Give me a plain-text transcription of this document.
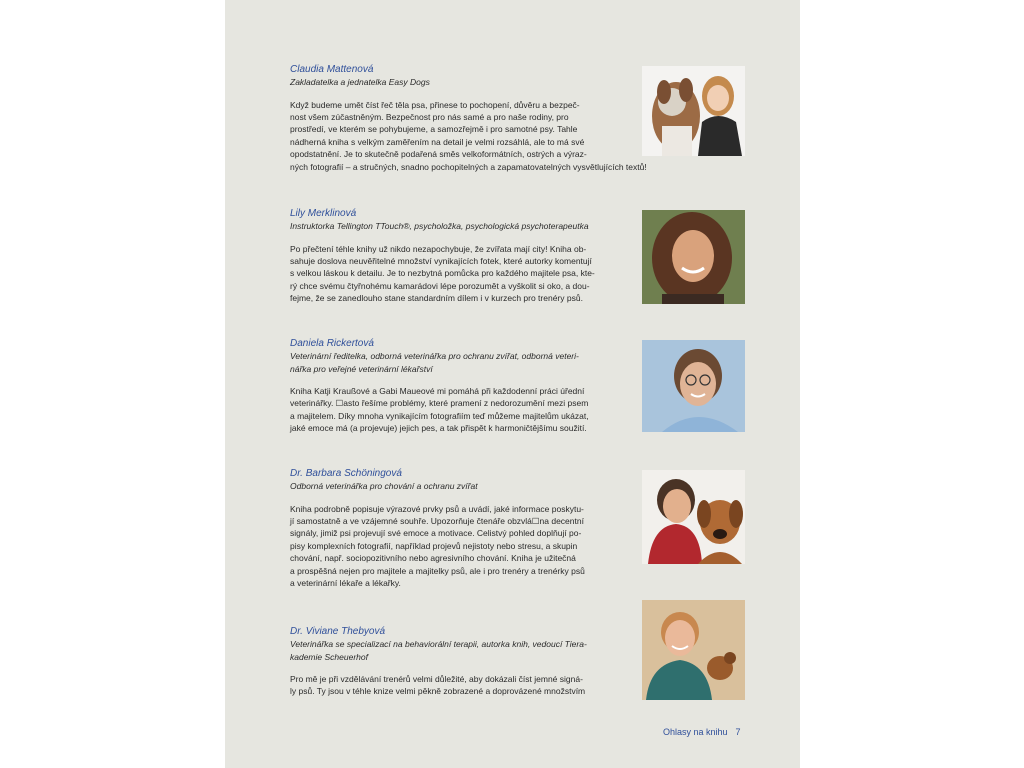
Claudia Mattenová

Zakladatelka a jednatelka Easy Dogs

Když budeme umět číst řeč těla psa, přinese to pochopení, důvěru a bezpeč-
nost všem zúčastněným. Bezpečnost pro nás samé a pro naše rodiny, pro
prostředí, ve kterém se pohybujeme, a samozřejmě i pro samotné psy. Tahle
nádherná kniha s velkým zaměřením na detail je velmi rozsáhlá, ale to má své
opodstatnění. Je to skutečně podařená směs velkoformátních, ostrých a výraz-
ných fotografií – a stručných, snadno pochopitelných a zapamatovatelných vysvětlujících textů!

Lily Merklinová

Instruktorka Tellington TTouch®, psycholožka, psychologická psychoterapeutka

Po přečtení téhle knihy už nikdo nezapochybuje, že zvířata mají city! Kniha ob-
sahuje doslova neuvěřitelné množství vynikajících fotek, které autorky komentují
s velkou láskou k detailu. Je to nezbytná pomůcka pro každého majitele psa, kte-
rý chce svému čtyřnohému kamarádovi lépe porozumět a vyškolit si oko, a dou-
fejme, že se zanedlouho stane standardním dílem i v kurzech pro trenéry psů.

Daniela Rickertová

Veterinární ředitelka, odborná veterinářka pro ochranu zvířat, odborná veteri-
nářka pro veřejné veterinární lékařství
Kniha Katji Kraußové a Gabi Maueové mi pomáhá při každodenní práci úřední
veterinářky. ☐asto řešíme problémy, které pramení z nedorozumění mezi psem
a majitelem. Díky mnoha vynikajícím fotografiím teď můžeme majitelům ukázat,
jaké emoce má (a projevuje) jejich pes, a tak přispět k harmoničtějšímu soužití.

Dr. Barbara Schöningová

Odborná veterinářka pro chování a ochranu zvířat

Kniha podrobně popisuje výrazové prvky psů a uvádí, jaké informace poskytu-
jí samostatně a ve vzájemné souhře. Upozorňuje čtenáře obzvlá☐na decentní
signály, jimiž psi projevují své emoce a motivace. Celistvý pohled doplňují po-
pisy komplexních fotografií, například projevů nejistoty nebo stresu, a skupin
chování, např. sociopozitivního nebo agresivního chování. Kniha je užitečná
a prospěšná nejen pro majitele a majitelky psů, ale i pro trenéry a trenérky psů
a veterinární lékaře a lékařky.

Dr. Viviane Thebyová

Veterinářka se specializací na behaviorální terapii, autorka knih, vedoucí Tiera-
kademie Scheuerhof
Pro mě je při vzdělávání trenérů velmi důležité, aby dokázali číst jemné signá-
ly psů. Ty jsou v téhle knize velmi pěkně zobrazené a doprovázené množstvím
Ohlasy na knihu 7
